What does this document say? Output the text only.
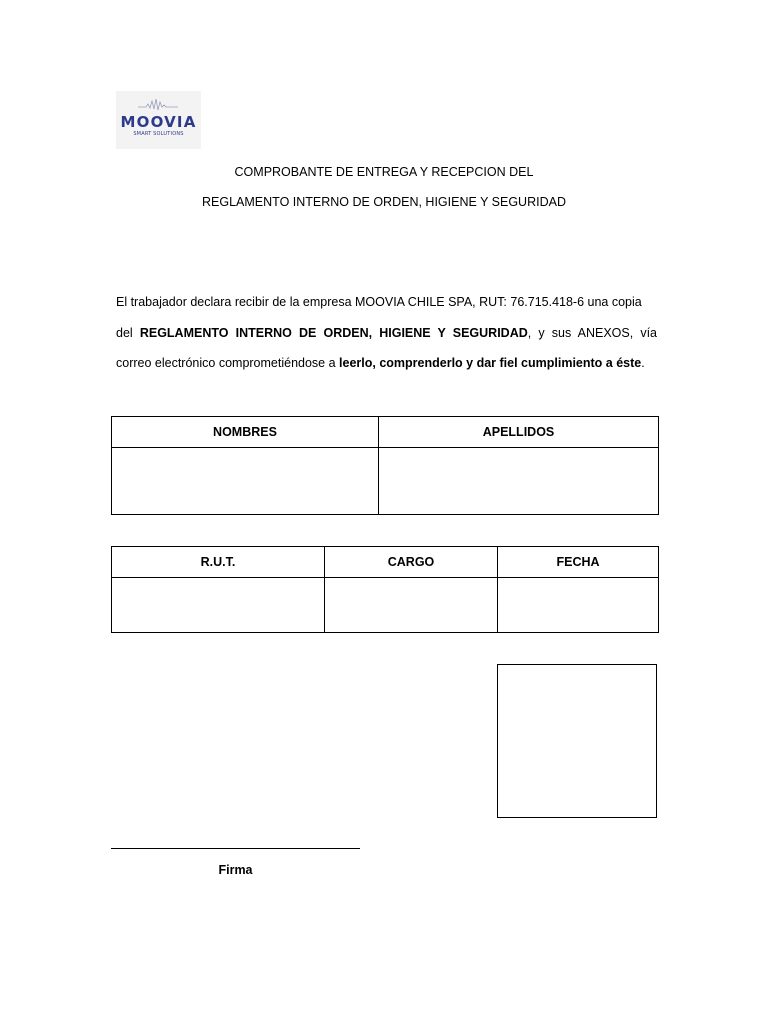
MOOVIA
SMART SOLUTIONS
COMPROBANTE DE ENTREGA Y RECEPCION DEL
REGLAMENTO INTERNO DE ORDEN, HIGIENE Y SEGURIDAD
El trabajador declara recibir de la empresa MOOVIA CHILE SPA, RUT: 76.715.418-6 una copia
del REGLAMENTO INTERNO DE ORDEN, HIGIENE Y SEGURIDAD, y sus ANEXOS, vía
correo electrónico comprometiéndose a leerlo, comprenderlo y dar fiel cumplimiento a éste.
NOMBRES	APELLIDOS

R.U.T.	CARGO	FECHA

Firma
